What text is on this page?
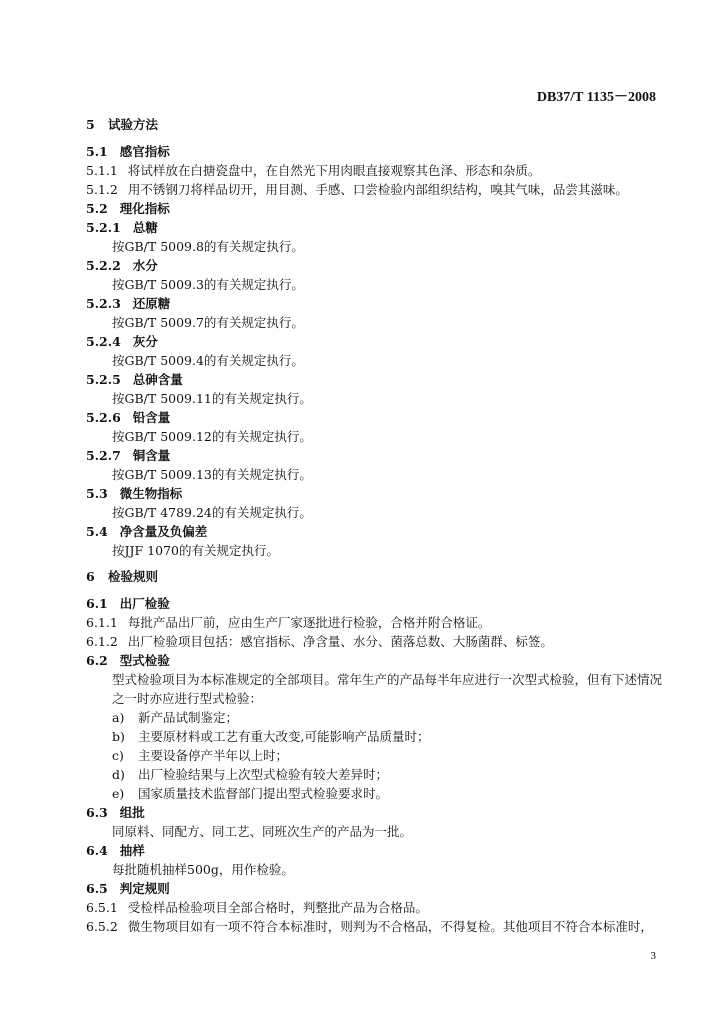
DB37/T 1135－2008
5 试验方法
5.1 感官指标
5.1.1 将试样放在白搪瓷盘中，在自然光下用肉眼直接观察其色泽、形态和杂质。
5.1.2 用不锈钢刀将样品切开，用目测、手感、口尝检验内部组织结构，嗅其气味，品尝其滋味。
5.2 理化指标
5.2.1 总糖
按GB/T 5009.8的有关规定执行。
5.2.2 水分
按GB/T 5009.3的有关规定执行。
5.2.3 还原糖
按GB/T 5009.7的有关规定执行。
5.2.4 灰分
按GB/T 5009.4的有关规定执行。
5.2.5 总砷含量
按GB/T 5009.11的有关规定执行。
5.2.6 铅含量
按GB/T 5009.12的有关规定执行。
5.2.7 铜含量
按GB/T 5009.13的有关规定执行。
5.3 微生物指标
按GB/T 4789.24的有关规定执行。
5.4 净含量及负偏差
按JJF 1070的有关规定执行。
6 检验规则
6.1 出厂检验
6.1.1 每批产品出厂前，应由生产厂家逐批进行检验，合格并附合格证。
6.1.2 出厂检验项目包括：感官指标、净含量、水分、菌落总数、大肠菌群、标签。
6.2 型式检验
型式检验项目为本标准规定的全部项目。常年生产的产品每半年应进行一次型式检验，但有下述情况之一时亦应进行型式检验：
a) 新产品试制鉴定；
b) 主要原材料或工艺有重大改变,可能影响产品质量时；
c) 主要设备停产半年以上时；
d) 出厂检验结果与上次型式检验有较大差异时；
e) 国家质量技术监督部门提出型式检验要求时。
6.3 组批
同原料、同配方、同工艺、同班次生产的产品为一批。
6.4 抽样
每批随机抽样500g，用作检验。
6.5 判定规则
6.5.1 受检样品检验项目全部合格时，判整批产品为合格品。
6.5.2 微生物项目如有一项不符合本标准时，则判为不合格品，不得复检。其他项目不符合本标准时，
3
